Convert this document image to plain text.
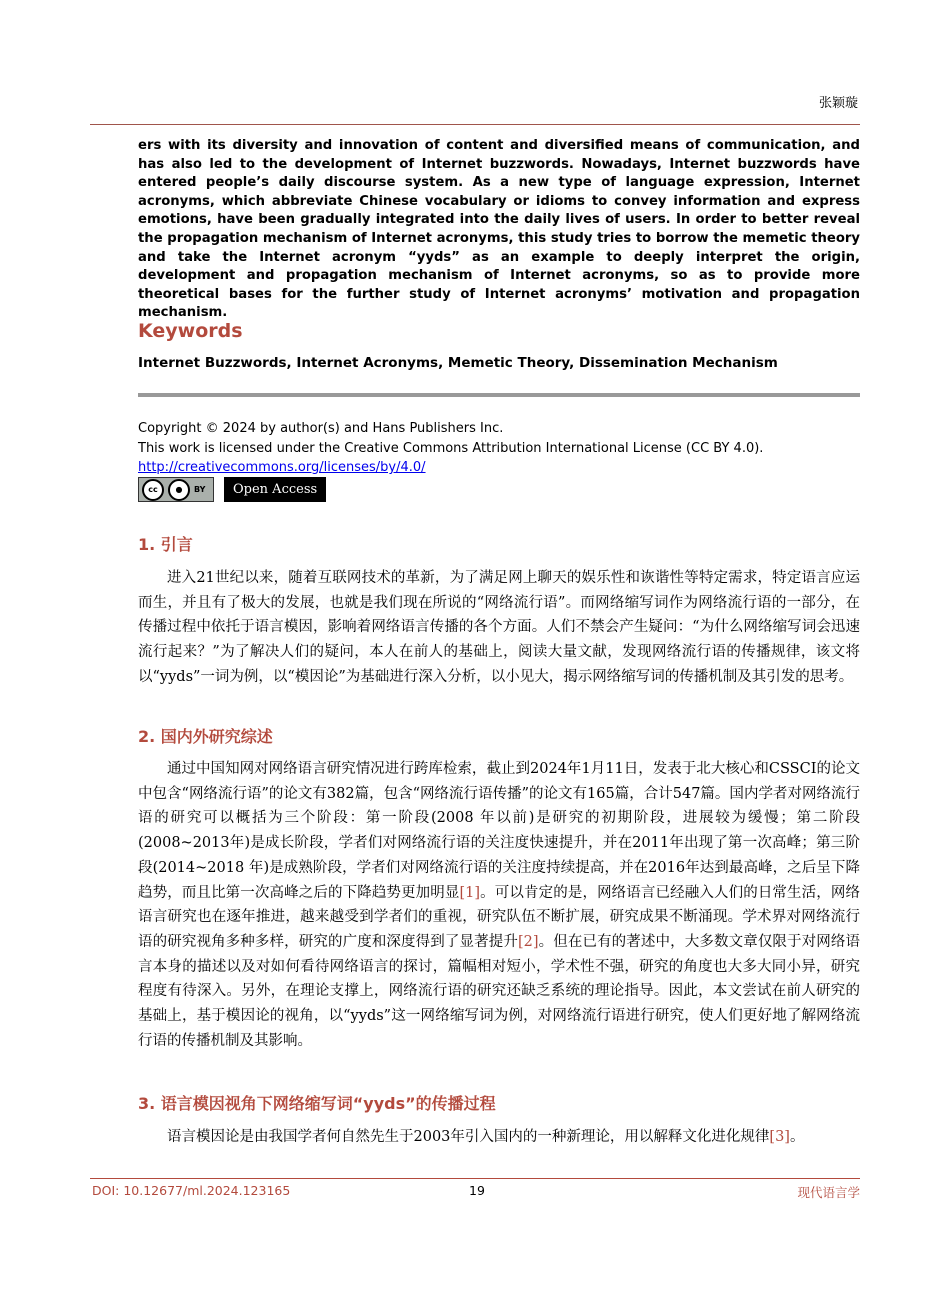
张颖璇
ers with its diversity and innovation of content and diversified means of communication, and has also led to the development of Internet buzzwords. Nowadays, Internet buzzwords have entered people’s daily discourse system. As a new type of language expression, Internet acronyms, which abbreviate Chinese vocabulary or idioms to convey information and express emotions, have been gradually integrated into the daily lives of users. In order to better reveal the propagation mechanism of Internet acronyms, this study tries to borrow the memetic theory and take the Internet acronym “yyds” as an example to deeply interpret the origin, development and propagation mechanism of Internet acronyms, so as to provide more theoretical bases for the further study of Internet acronyms’ motivation and propagation mechanism.
Keywords
Internet Buzzwords, Internet Acronyms, Memetic Theory, Dissemination Mechanism
Copyright © 2024 by author(s) and Hans Publishers Inc.
This work is licensed under the Creative Commons Attribution International License (CC BY 4.0).
http://creativecommons.org/licenses/by/4.0/
cc	●	BY	Open Access
1. 引言
进入21世纪以来，随着互联网技术的革新，为了满足网上聊天的娱乐性和诙谐性等特定需求，特定语言应运而生，并且有了极大的发展，也就是我们现在所说的“网络流行语”。而网络缩写词作为网络流行语的一部分，在传播过程中依托于语言模因，影响着网络语言传播的各个方面。人们不禁会产生疑问：“为什么网络缩写词会迅速流行起来？”为了解决人们的疑问，本人在前人的基础上，阅读大量文献，发现网络流行语的传播规律，该文将以“yyds”一词为例，以“模因论”为基础进行深入分析，以小见大，揭示网络缩写词的传播机制及其引发的思考。
2. 国内外研究综述
通过中国知网对网络语言研究情况进行跨库检索，截止到2024年1月11日，发表于北大核心和CSSCI的论文中包含“网络流行语”的论文有382篇，包含“网络流行语传播”的论文有165篇，合计547篇。国内学者对网络流行语的研究可以概括为三个阶段：第一阶段(2008 年以前)是研究的初期阶段，进展较为缓慢；第二阶段(2008~2013年)是成长阶段，学者们对网络流行语的关注度快速提升，并在2011年出现了第一次高峰；第三阶段(2014~2018 年)是成熟阶段，学者们对网络流行语的关注度持续提高，并在2016年达到最高峰，之后呈下降趋势，而且比第一次高峰之后的下降趋势更加明显[1]。可以肯定的是，网络语言已经融入人们的日常生活，网络语言研究也在逐年推进，越来越受到学者们的重视，研究队伍不断扩展，研究成果不断涌现。学术界对网络流行语的研究视角多种多样，研究的广度和深度得到了显著提升[2]。但在已有的著述中，大多数文章仅限于对网络语言本身的描述以及对如何看待网络语言的探讨，篇幅相对短小，学术性不强，研究的角度也大多大同小异，研究程度有待深入。另外，在理论支撑上，网络流行语的研究还缺乏系统的理论指导。因此，本文尝试在前人研究的基础上，基于模因论的视角，以“yyds”这一网络缩写词为例，对网络流行语进行研究，使人们更好地了解网络流行语的传播机制及其影响。
3. 语言模因视角下网络缩写词“yyds”的传播过程
语言模因论是由我国学者何自然先生于2003年引入国内的一种新理论，用以解释文化进化规律[3]。
DOI: 10.12677/ml.2024.123165	19	现代语言学
